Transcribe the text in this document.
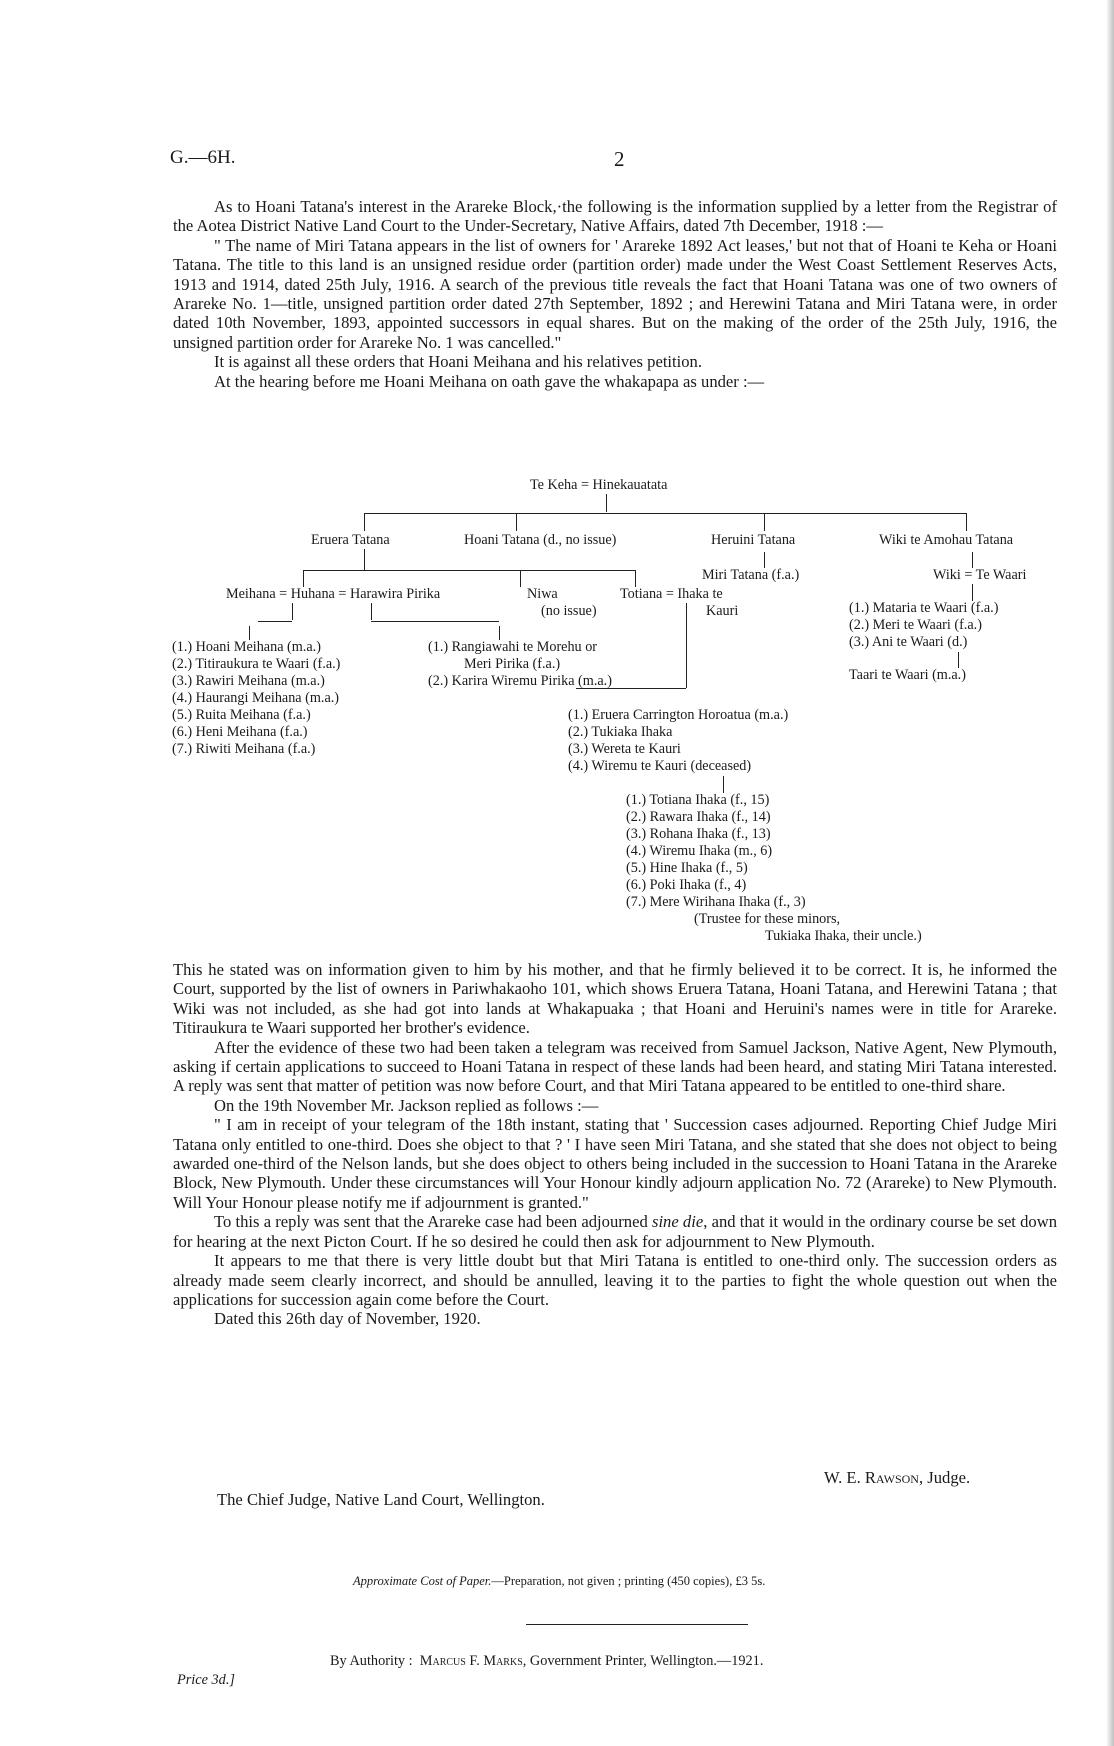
G.—6H.	2

As to Hoani Tatana's interest in the Arareke Block,·the following is the information supplied by a letter from the Registrar of the Aotea District Native Land Court to the Under-Secretary, Native Affairs, dated 7th December, 1918 :—

" The name of Miri Tatana appears in the list of owners for ' Arareke 1892 Act leases,' but not that of Hoani te Keha or Hoani Tatana. The title to this land is an unsigned residue order (partition order) made under the West Coast Settlement Reserves Acts, 1913 and 1914, dated 25th July, 1916. A search of the previous title reveals the fact that Hoani Tatana was one of two owners of Arareke No. 1—title, unsigned partition order dated 27th September, 1892 ; and Herewini Tatana and Miri Tatana were, in order dated 10th November, 1893, appointed successors in equal shares. But on the making of the order of the 25th July, 1916, the unsigned partition order for Arareke No. 1 was cancelled."

It is against all these orders that Hoani Meihana and his relatives petition.

At the hearing before me Hoani Meihana on oath gave the whakapapa as under :—

Te Keha = Hinekauatata
Eruera Tatana	Hoani Tatana (d., no issue)	Heruini Tatana	Wiki te Amohau Tatana
Miri Tatana (f.a.)	Wiki = Te Waari
Meihana = Huhana = Harawira Pirika	Niwa
(no issue)
Totiana = Ihaka te
Kauri	(1.) Mataria te Waari (f.a.)
(2.) Meri te Waari (f.a.)
(3.) Ani te Waari (d.)
Taari te Waari (m.a.)
(1.) Hoani Meihana (m.a.)
(2.) Titiraukura te Waari (f.a.)
(3.) Rawiri Meihana (m.a.)
(4.) Haurangi Meihana (m.a.)
(5.) Ruita Meihana (f.a.)
(6.) Heni Meihana (f.a.)
(7.) Riwiti Meihana (f.a.)
(1.) Rangiawahi te Morehu or
Meri Pirika (f.a.)
(2.) Karira Wiremu Pirika (m.a.)
(1.) Eruera Carrington Horoatua (m.a.)
(2.) Tukiaka Ihaka
(3.) Wereta te Kauri
(4.) Wiremu te Kauri (deceased)
(1.) Totiana Ihaka (f., 15)
(2.) Rawara Ihaka (f., 14)
(3.) Rohana Ihaka (f., 13)
(4.) Wiremu Ihaka (m., 6)
(5.) Hine Ihaka (f., 5)
(6.) Poki Ihaka (f., 4)
(7.) Mere Wirihana Ihaka (f., 3)
(Trustee for these minors,
Tukiaka Ihaka, their uncle.)

This he stated was on information given to him by his mother, and that he firmly believed it to be correct. It is, he informed the Court, supported by the list of owners in Pariwhakaoho 101, which shows Eruera Tatana, Hoani Tatana, and Herewini Tatana ; that Wiki was not included, as she had got into lands at Whakapuaka ; that Hoani and Heruini's names were in title for Arareke. Titiraukura te Waari supported her brother's evidence.

After the evidence of these two had been taken a telegram was received from Samuel Jackson, Native Agent, New Plymouth, asking if certain applications to succeed to Hoani Tatana in respect of these lands had been heard, and stating Miri Tatana interested. A reply was sent that matter of petition was now before Court, and that Miri Tatana appeared to be entitled to one-third share.

On the 19th November Mr. Jackson replied as follows :—

" I am in receipt of your telegram of the 18th instant, stating that ' Succession cases adjourned. Reporting Chief Judge Miri Tatana only entitled to one-third. Does she object to that ? ' I have seen Miri Tatana, and she stated that she does not object to being awarded one-third of the Nelson lands, but she does object to others being included in the succession to Hoani Tatana in the Arareke Block, New Plymouth. Under these circumstances will Your Honour kindly adjourn application No. 72 (Arareke) to New Plymouth. Will Your Honour please notify me if adjournment is granted."

To this a reply was sent that the Arareke case had been adjourned sine die, and that it would in the ordinary course be set down for hearing at the next Picton Court. If he so desired he could then ask for adjournment to New Plymouth.

It appears to me that there is very little doubt but that Miri Tatana is entitled to one-third only. The succession orders as already made seem clearly incorrect, and should be annulled, leaving it to the parties to fight the whole question out when the applications for succession again come before the Court.

Dated this 26th day of November, 1920.

W. E. Rawson, Judge.
The Chief Judge, Native Land Court, Wellington.
Approximate Cost of Paper.—Preparation, not given ; printing (450 copies), £3 5s.
By Authority : Marcus F. Marks, Government Printer, Wellington.—1921.
Price 3d.]
